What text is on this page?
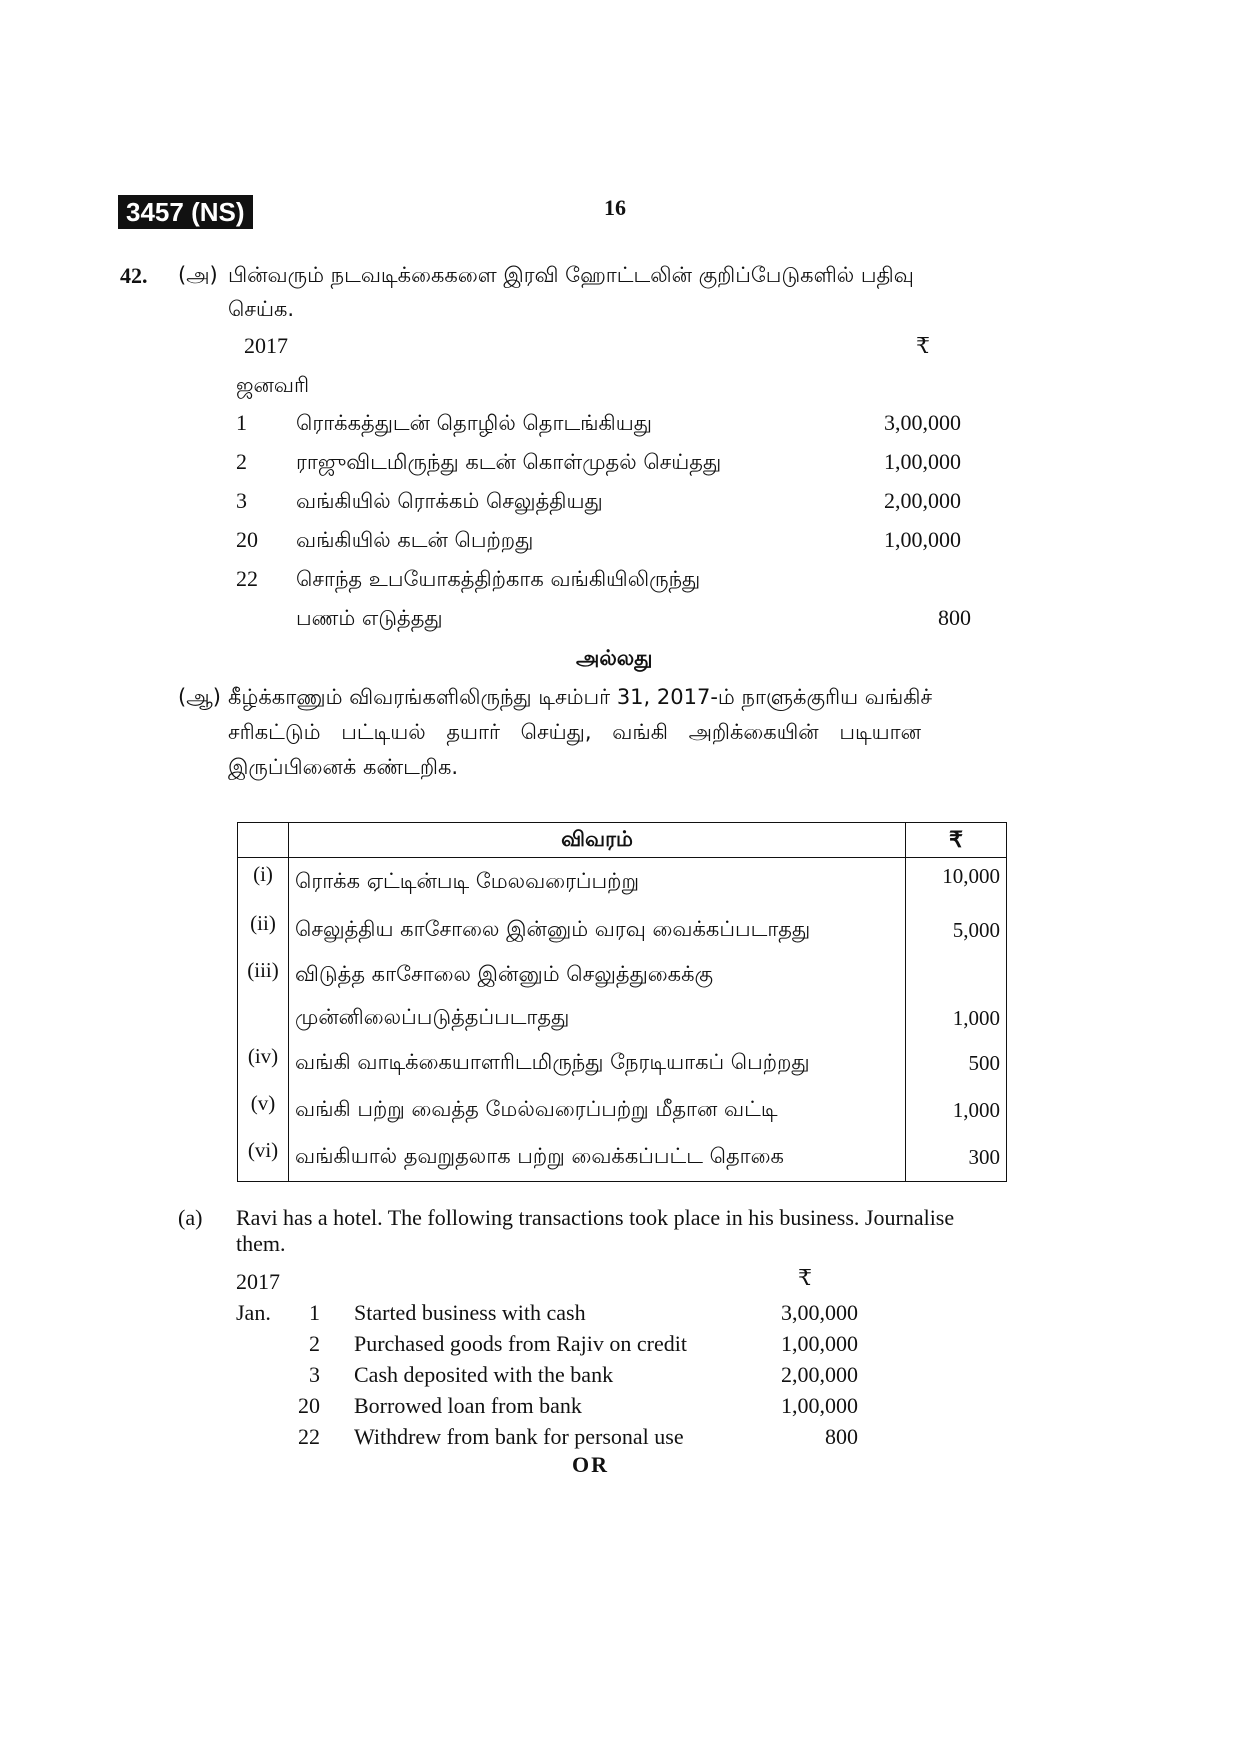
3457 (NS)	16
42. (அ) பின்வரும் நடவடிக்கைகளை இரவி ஹோட்டலின் குறிப்பேடுகளில் பதிவு
செய்க.
2017	₹
ஜனவரி
1 ரொக்கத்துடன் தொழில் தொடங்கியது	3,00,000
2 ராஜுவிடமிருந்து கடன் கொள்முதல் செய்தது	1,00,000
3 வங்கியில் ரொக்கம் செலுத்தியது	2,00,000
20 வங்கியில் கடன் பெற்றது	1,00,000
22 சொந்த உபயோகத்திற்காக வங்கியிலிருந்து
பணம் எடுத்தது	800
அல்லது
(ஆ) கீழ்க்காணும் விவரங்களிலிருந்து டிசம்பர் 31, 2017-ம் நாளுக்குரிய வங்கிச்
சரிகட்டும் பட்டியல் தயார் செய்து, வங்கி அறிக்கையின் படியான
இருப்பினைக் கண்டறிக.
	விவரம்	₹
(i)	ரொக்க ஏட்டின்படி மேலவரைப்பற்று	10,000
(ii)	செலுத்திய காசோலை இன்னும் வரவு வைக்கப்படாதது	5,000
(iii)	விடுத்த காசோலை இன்னும் செலுத்துகைக்கு	
	முன்னிலைப்படுத்தப்படாதது	1,000
(iv)	வங்கி வாடிக்கையாளரிடமிருந்து நேரடியாகப் பெற்றது	500
(v)	வங்கி பற்று வைத்த மேல்வரைப்பற்று மீதான வட்டி	1,000
(vi)	வங்கியால் தவறுதலாக பற்று வைக்கப்பட்ட தொகை	300
(a) Ravi has a hotel. The following transactions took place in his business. Journalise
them.
2017	₹
Jan.	1 Started business with cash	3,00,000
2 Purchased goods from Rajiv on credit	1,00,000
3 Cash deposited with the bank	2,00,000
20 Borrowed loan from bank	1,00,000
22 Withdrew from bank for personal use	800
OR
